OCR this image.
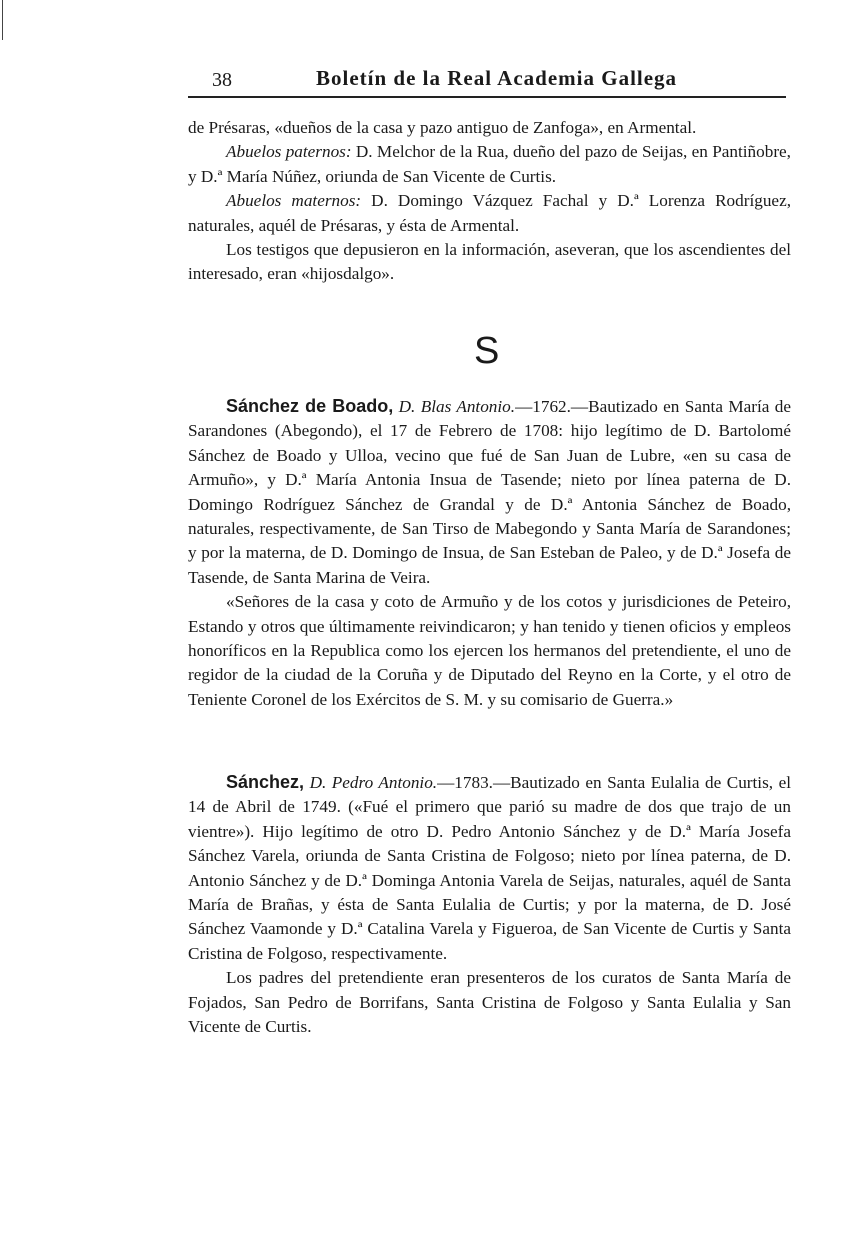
38	Boletín de la Real Academia Gallega

de Présaras, «dueños de la casa y pazo antiguo de Zanfoga», en Armental.

Abuelos paternos: D. Melchor de la Rua, dueño del pazo de Seijas, en Pantiñobre, y D.ª María Núñez, oriunda de San Vicente de Curtis.

Abuelos maternos: D. Domingo Vázquez Fachal y D.ª Lorenza Rodríguez, naturales, aquél de Présaras, y ésta de Armental.

Los testigos que depusieron en la información, aseveran, que los ascendientes del interesado, eran «hijosdalgo».

S

Sánchez de Boado, D. Blas Antonio.—1762.—Bautizado en Santa María de Sarandones (Abegondo), el 17 de Febrero de 1708: hijo legítimo de D. Bartolomé Sánchez de Boado y Ulloa, vecino que fué de San Juan de Lubre, «en su casa de Armuño», y D.ª María Antonia Insua de Tasende; nieto por línea paterna de D. Domingo Rodríguez Sánchez de Grandal y de D.ª Antonia Sánchez de Boado, naturales, respectivamente, de San Tirso de Mabegondo y Santa María de Sarandones; y por la materna, de D. Domingo de Insua, de San Esteban de Paleo, y de D.ª Josefa de Tasende, de Santa Marina de Veira.

«Señores de la casa y coto de Armuño y de los cotos y jurisdiciones de Peteiro, Estando y otros que últimamente reivindicaron; y han tenido y tienen oficios y empleos honoríficos en la Republica como los ejercen los hermanos del pretendiente, el uno de regidor de la ciudad de la Coruña y de Diputado del Reyno en la Corte, y el otro de Teniente Coronel de los Exércitos de S. M. y su comisario de Guerra.»

Sánchez, D. Pedro Antonio.—1783.—Bautizado en Santa Eulalia de Curtis, el 14 de Abril de 1749. («Fué el primero que parió su madre de dos que trajo de un vientre»). Hijo legítimo de otro D. Pedro Antonio Sánchez y de D.ª María Josefa Sánchez Varela, oriunda de Santa Cristina de Folgoso; nieto por línea paterna, de D. Antonio Sánchez y de D.ª Dominga Antonia Varela de Seijas, naturales, aquél de Santa María de Brañas, y ésta de Santa Eulalia de Curtis; y por la materna, de D. José Sánchez Vaamonde y D.ª Catalina Varela y Figueroa, de San Vicente de Curtis y Santa Cristina de Folgoso, respectivamente.

Los padres del pretendiente eran presenteros de los curatos de Santa María de Fojados, San Pedro de Borrifans, Santa Cristina de Folgoso y Santa Eulalia y San Vicente de Curtis.
